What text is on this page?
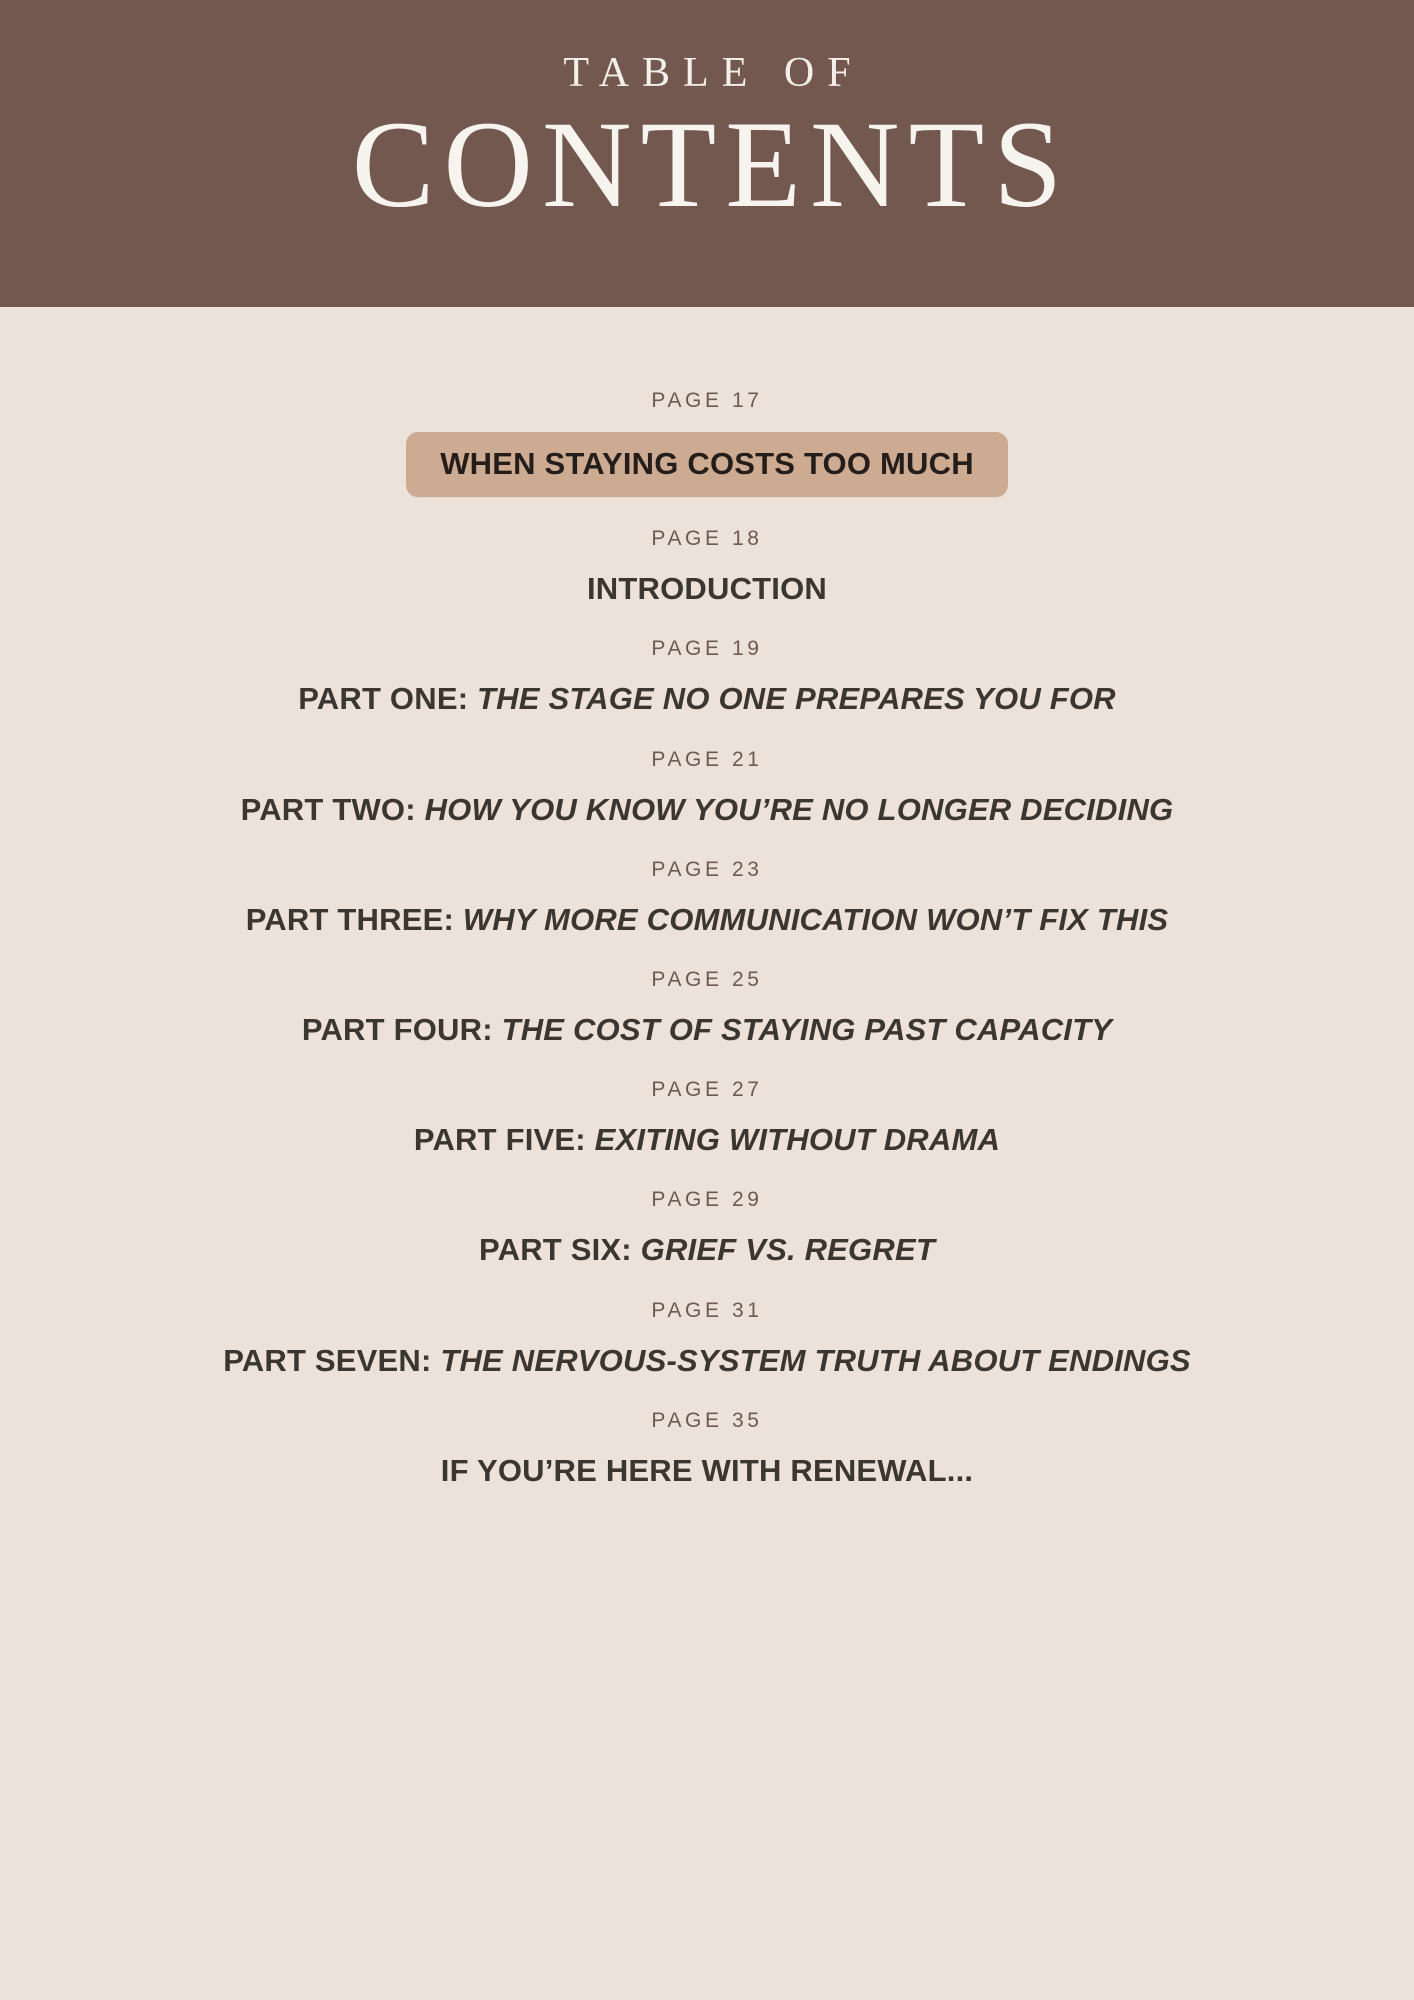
TABLE OF
CONTENTS
PAGE 17
WHEN STAYING COSTS TOO MUCH
PAGE 18
INTRODUCTION
PAGE 19
PART ONE: THE STAGE NO ONE PREPARES YOU FOR
PAGE 21
PART TWO: HOW YOU KNOW YOU’RE NO LONGER DECIDING
PAGE 23
PART THREE: WHY MORE COMMUNICATION WON’T FIX THIS
PAGE 25
PART FOUR: THE COST OF STAYING PAST CAPACITY
PAGE 27
PART FIVE: EXITING WITHOUT DRAMA
PAGE 29
PART SIX: GRIEF VS. REGRET
PAGE 31
PART SEVEN: THE NERVOUS-SYSTEM TRUTH ABOUT ENDINGS
PAGE 35
IF YOU’RE HERE WITH RENEWAL...
